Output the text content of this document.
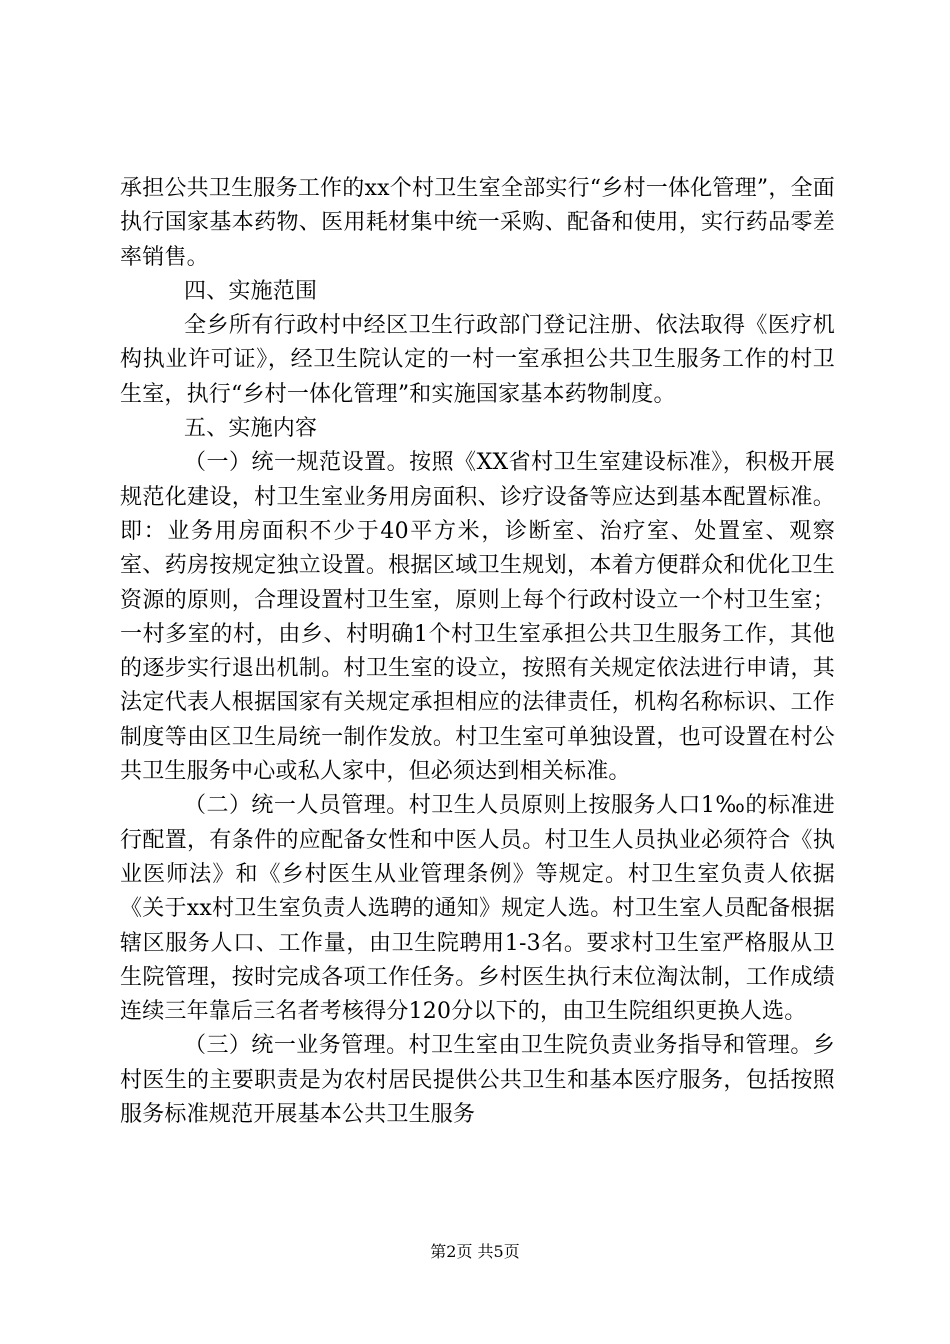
承担公共卫生服务工作的xx个村卫生室全部实行“乡村一体化管理”，全面执行国家基本药物、医用耗材集中统一采购、配备和使用，实行药品零差率销售。

四、实施范围

全乡所有行政村中经区卫生行政部门登记注册、依法取得《医疗机构执业许可证》，经卫生院认定的一村一室承担公共卫生服务工作的村卫生室，执行“乡村一体化管理”和实施国家基本药物制度。

五、实施内容

（一）统一规范设置。按照《XX省村卫生室建设标准》，积极开展规范化建设，村卫生室业务用房面积、诊疗设备等应达到基本配置标准。即：业务用房面积不少于40平方米，诊断室、治疗室、处置室、观察室、药房按规定独立设置。根据区域卫生规划，本着方便群众和优化卫生资源的原则，合理设置村卫生室，原则上每个行政村设立一个村卫生室；一村多室的村，由乡、村明确1个村卫生室承担公共卫生服务工作，其他的逐步实行退出机制。村卫生室的设立，按照有关规定依法进行申请，其法定代表人根据国家有关规定承担相应的法律责任，机构名称标识、工作制度等由区卫生局统一制作发放。村卫生室可单独设置，也可设置在村公共卫生服务中心或私人家中，但必须达到相关标准。

（二）统一人员管理。村卫生人员原则上按服务人口1‰的标准进行配置，有条件的应配备女性和中医人员。村卫生人员执业必须符合《执业医师法》和《乡村医生从业管理条例》等规定。村卫生室负责人依据《关于xx村卫生室负责人选聘的通知》规定人选。村卫生室人员配备根据辖区服务人口、工作量，由卫生院聘用1-3名。要求村卫生室严格服从卫生院管理，按时完成各项工作任务。乡村医生执行末位淘汰制，工作成绩连续三年靠后三名者考核得分120分以下的，由卫生院组织更换人选。

（三）统一业务管理。村卫生室由卫生院负责业务指导和管理。乡村医生的主要职责是为农村居民提供公共卫生和基本医疗服务，包括按照服务标准规范开展基本公共卫生服务

第2页 共5页
